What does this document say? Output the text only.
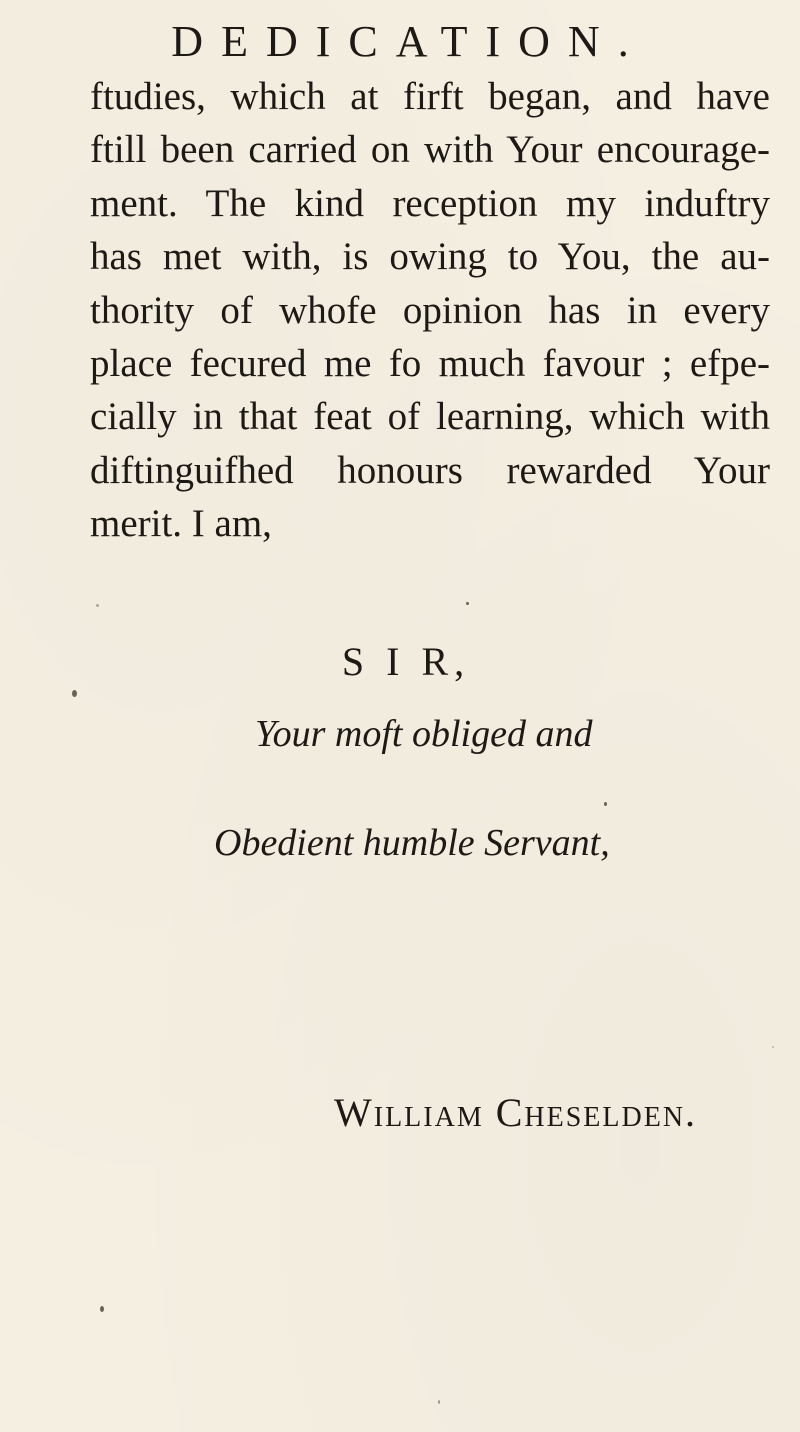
DEDICATION.
ftudies, which at firft began, and have
ftill been carried on with Your encourage-
ment. The kind reception my induftry
has met with, is owing to You, the au-
thority of whofe opinion has in every
place fecured me fo much favour ; efpe-
cially in that feat of learning, which with
diftinguifhed honours rewarded Your
merit. I am,
S I R,
Your moft obliged and
Obedient humble Servant,
William Cheselden.
